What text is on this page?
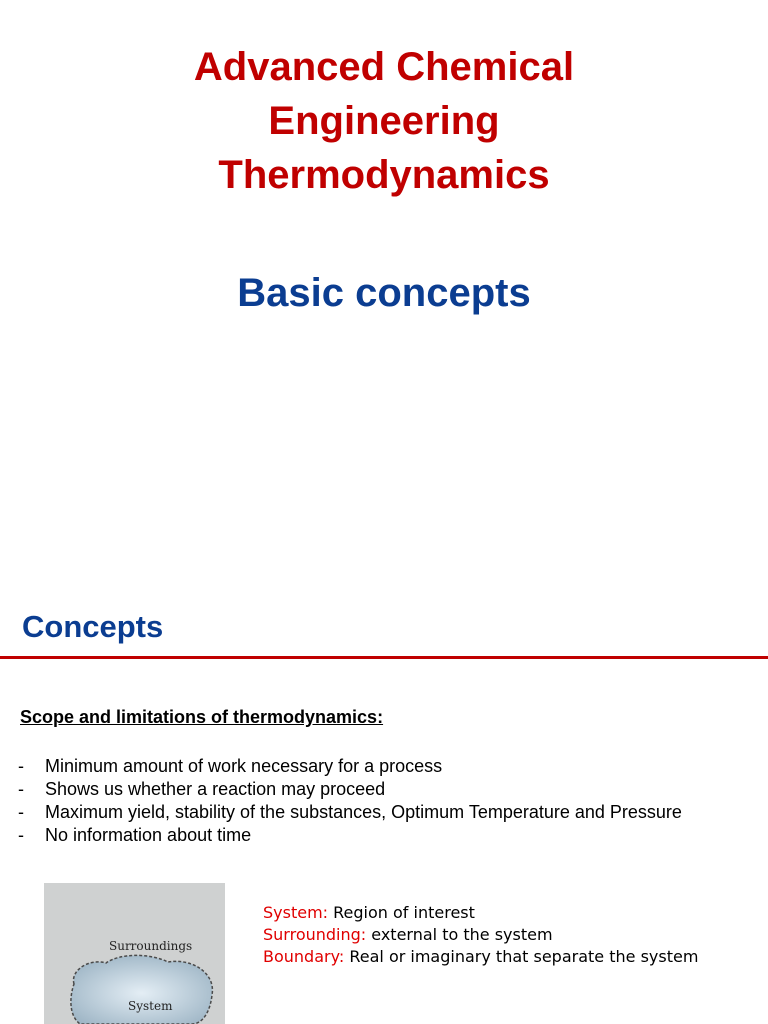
Advanced Chemical
Engineering
Thermodynamics
Basic concepts
Concepts
Scope and limitations of thermodynamics:
- Minimum amount of work necessary for a process
- Shows us whether a reaction may proceed
- Maximum yield, stability of the substances, Optimum Temperature and Pressure
- No information about time
Surroundings
System
System: Region of interest
Surrounding: external to the system
Boundary: Real or imaginary that separate the system
